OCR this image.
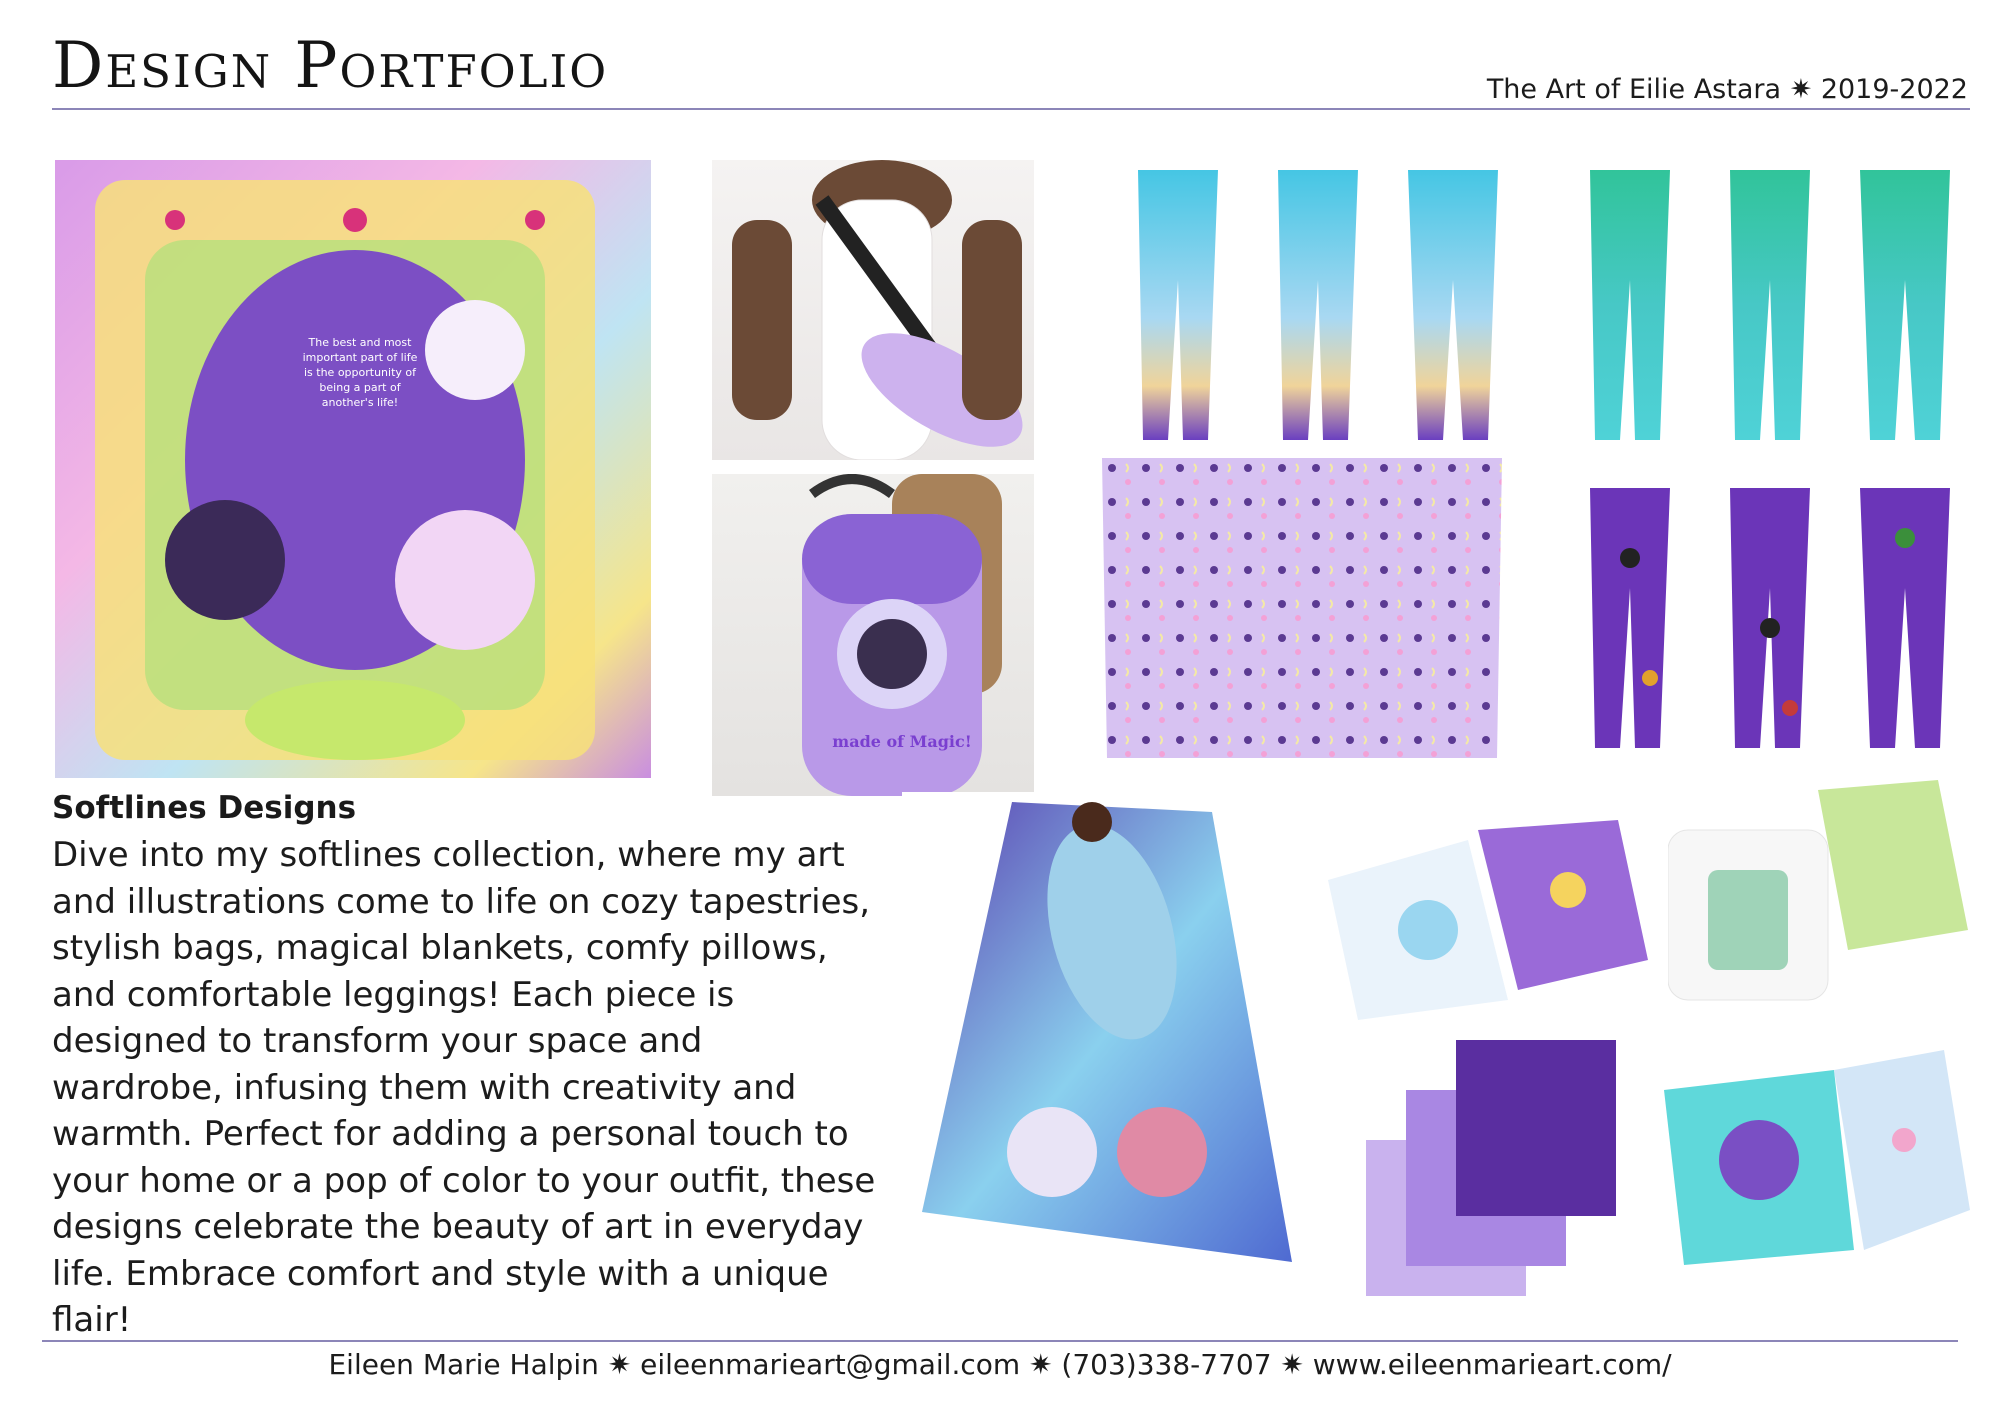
Design Portfolio	The Art of Eilie Astara ✷ 2019-2022
The best and most important part of life is the opportunity of being a part of another's life!
made of Magic!
Softlines Designs
Dive into my softlines collection, where my art and illustrations come to life on cozy tapestries, stylish bags, magical blankets, comfy pillows, and comfortable leggings! Each piece is designed to transform your space and wardrobe, infusing them with creativity and warmth. Perfect for adding a personal touch to your home or a pop of color to your outfit, these designs celebrate the beauty of art in everyday life. Embrace comfort and style with a unique flair!
Eileen Marie Halpin ✷ eileenmarieart@gmail.com ✷ (703)338-7707 ✷ www.eileenmarieart.com/
